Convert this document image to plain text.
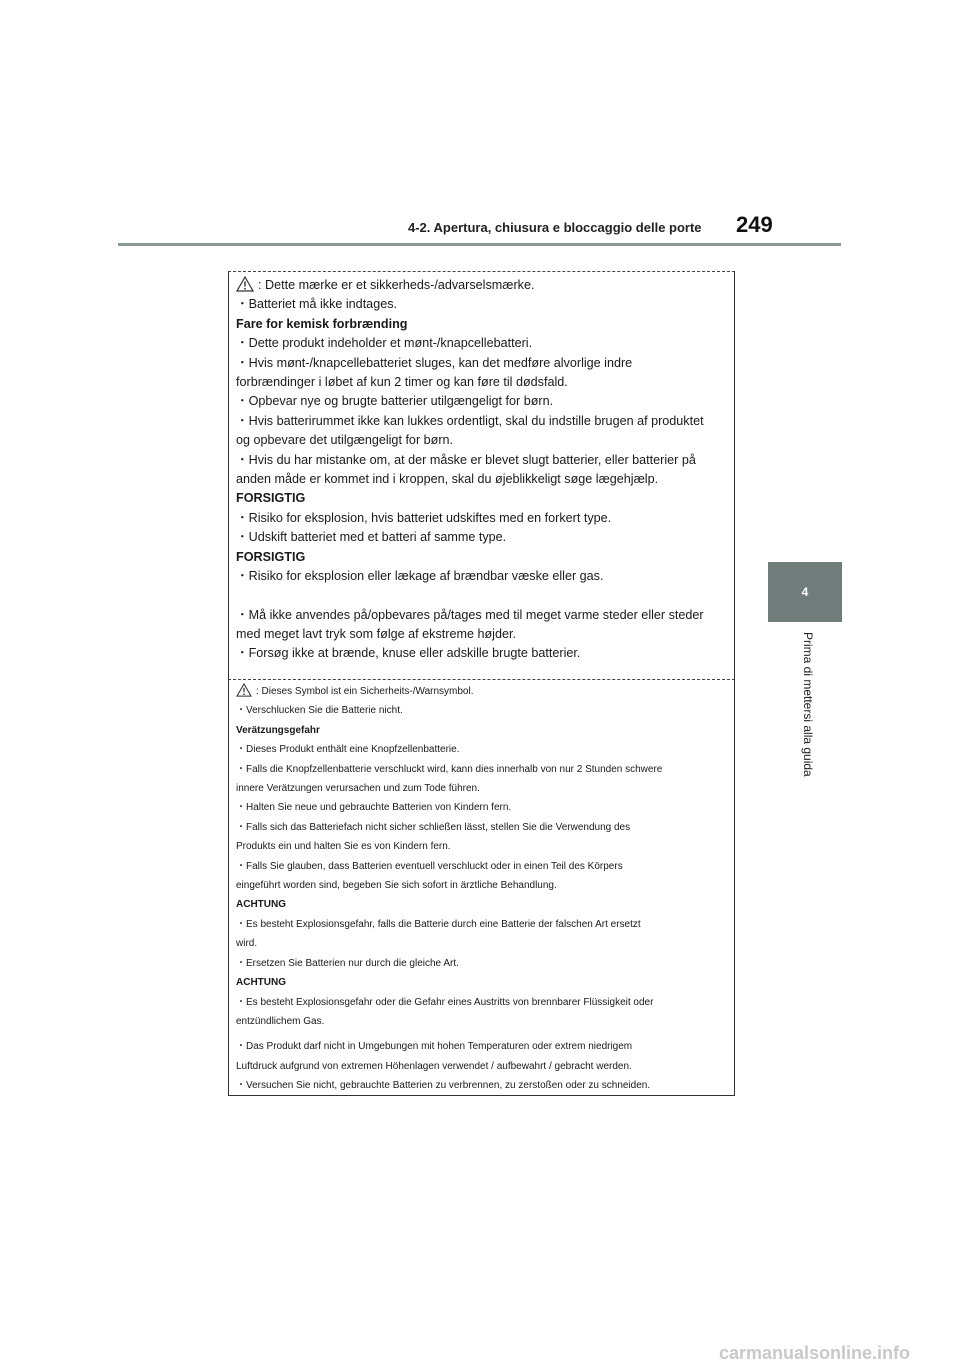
4-2. Apertura, chiusura e bloccaggio delle porte 249
4
Prima di mettersi alla guida
: Dette mærke er et sikkerheds-/advarselsmærke.
・Batteriet må ikke indtages.
Fare for kemisk forbrænding
・Dette produkt indeholder et mønt-/knapcellebatteri.
・Hvis mønt-/knapcellebatteriet sluges, kan det medføre alvorlige indre
forbrændinger i løbet af kun 2 timer og kan føre til dødsfald.
・Opbevar nye og brugte batterier utilgængeligt for børn.
・Hvis batterirummet ikke kan lukkes ordentligt, skal du indstille brugen af produktet
og opbevare det utilgængeligt for børn.
・Hvis du har mistanke om, at der måske er blevet slugt batterier, eller batterier på
anden måde er kommet ind i kroppen, skal du øjeblikkeligt søge lægehjælp.
FORSIGTIG
・Risiko for eksplosion, hvis batteriet udskiftes med en forkert type.
・Udskift batteriet med et batteri af samme type.
FORSIGTIG
・Risiko for eksplosion eller lækage af brændbar væske eller gas.
・Må ikke anvendes på/opbevares på/tages med til meget varme steder eller steder
med meget lavt tryk som følge af ekstreme højder.
・Forsøg ikke at brænde, knuse eller adskille brugte batterier.
: Dieses Symbol ist ein Sicherheits-/Warnsymbol.
・Verschlucken Sie die Batterie nicht.
Verätzungsgefahr
・Dieses Produkt enthält eine Knopfzellenbatterie.
・Falls die Knopfzellenbatterie verschluckt wird, kann dies innerhalb von nur 2 Stunden schwere
innere Verätzungen verursachen und zum Tode führen.
・Halten Sie neue und gebrauchte Batterien von Kindern fern.
・Falls sich das Batteriefach nicht sicher schließen lässt, stellen Sie die Verwendung des
Produkts ein und halten Sie es von Kindern fern.
・Falls Sie glauben, dass Batterien eventuell verschluckt oder in einen Teil des Körpers
eingeführt worden sind, begeben Sie sich sofort in ärztliche Behandlung.
ACHTUNG
・Es besteht Explosionsgefahr, falls die Batterie durch eine Batterie der falschen Art ersetzt
wird.
・Ersetzen Sie Batterien nur durch die gleiche Art.
ACHTUNG
・Es besteht Explosionsgefahr oder die Gefahr eines Austritts von brennbarer Flüssigkeit oder
entzündlichem Gas.
・Das Produkt darf nicht in Umgebungen mit hohen Temperaturen oder extrem niedrigem
Luftdruck aufgrund von extremen Höhenlagen verwendet / aufbewahrt / gebracht werden.
・Versuchen Sie nicht, gebrauchte Batterien zu verbrennen, zu zerstoßen oder zu schneiden.
carmanualsonline.info
